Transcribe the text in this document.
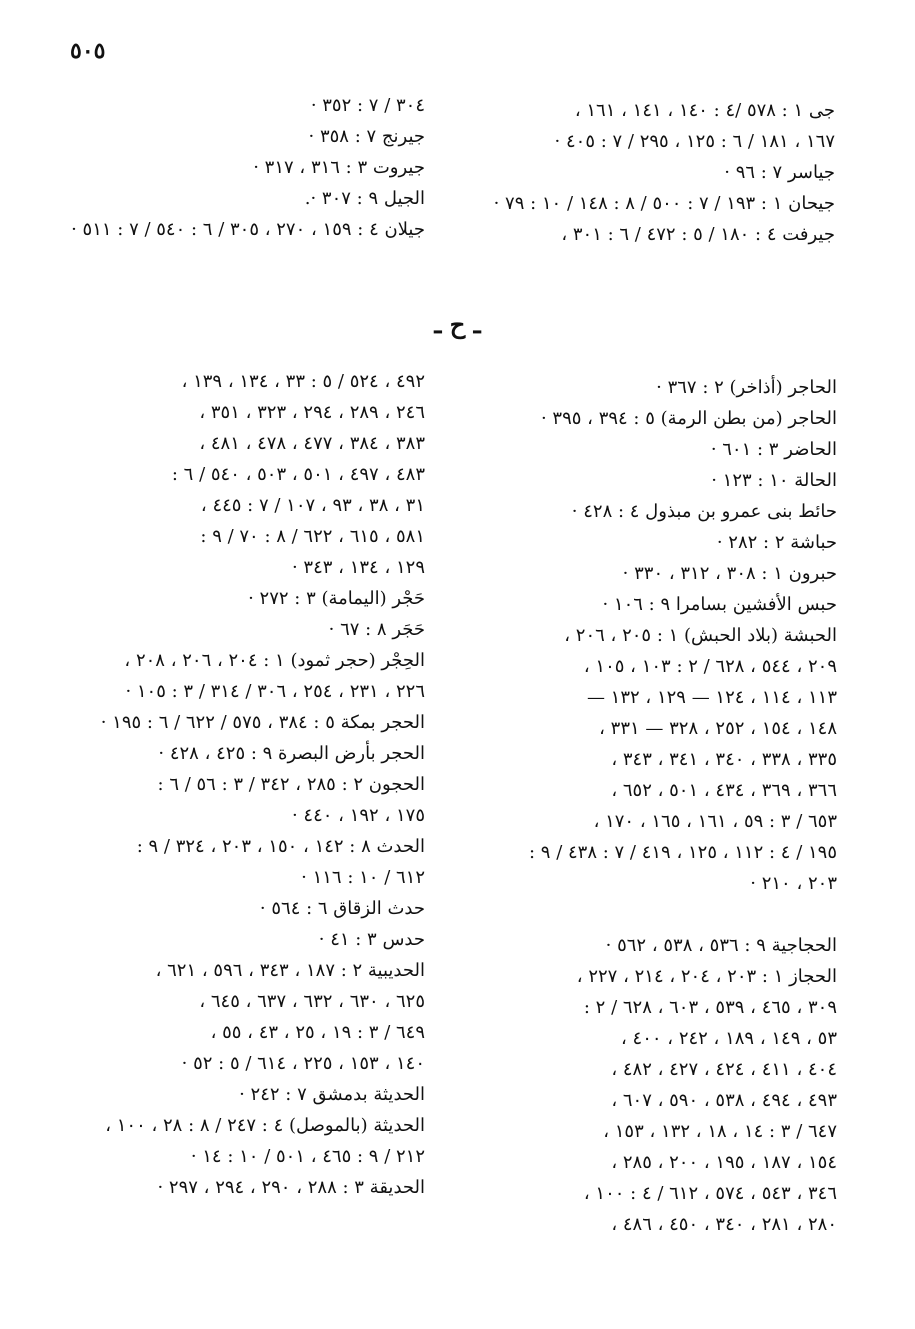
٥٠٥
جى ١ : ٥٧٨ /٤ : ١٤٠ ، ١٤١ ، ١٦١ ،
١٦٧ ، ١٨١ / ٦ : ١٢٥ ، ٢٩٥ / ٧ : ٤٠٥ ·
جياسر ٧ : ٩٦ ·
جيحان ١ : ١٩٣ / ٧ : ٥٠٠ / ٨ : ١٤٨ / ١٠ : ٧٩ ·
جيرفت ٤ : ١٨٠ / ٥ : ٤٧٢ / ٦ : ٣٠١ ،
٣٠٤ / ٧ : ٣٥٢ ·
جيرنج ٧ : ٣٥٨ ·
جيروت ٣ : ٣١٦ ، ٣١٧ ·
الجيل ٩ : ٣٠٧ ·.
جيلان ٤ : ١٥٩ ، ٢٧٠ ، ٣٠٥ / ٦ : ٥٤٠ / ٧ : ٥١١ ·
ـ ح ـ
الحاجر (أذاخر) ٢ : ٣٦٧ ·
الحاجر (من بطن الرمة) ٥ : ٣٩٤ ، ٣٩٥ ·
الحاضر ٣ : ٦٠١ ·
الحالة ١٠ : ١٢٣ ·
حائط بنى عمرو بن مبذول ٤ : ٤٢٨ ·
حباشة ٢ : ٢٨٢ ·
حبرون ١ : ٣٠٨ ، ٣١٢ ، ٣٣٠ ·
حبس الأفشين بسامرا ٩ : ١٠٦ ·
الحبشة (بلاد الحبش) ١ : ٢٠٥ ، ٢٠٦ ،
٢٠٩ ، ٥٤٤ ، ٦٢٨ / ٢ : ١٠٣ ، ١٠٥ ،
١١٣ ، ١١٤ ، ١٢٤ — ١٢٩ ، ١٣٢ —
١٤٨ ، ١٥٤ ، ٢٥٢ ، ٣٢٨ — ٣٣١ ،
٣٣٥ ، ٣٣٨ ، ٣٤٠ ، ٣٤١ ، ٣٤٣ ،
٣٦٦ ، ٣٦٩ ، ٤٣٤ ، ٥٠١ ، ٦٥٢ ،
٦٥٣ / ٣ : ٥٩ ، ١٦١ ، ١٦٥ ، ١٧٠ ،
١٩٥ / ٤ : ١١٢ ، ١٢٥ ، ٤١٩ / ٧ : ٤٣٨ / ٩ :
٢٠٣ ، ٢١٠ ·
الحجاجية ٩ : ٥٣٦ ، ٥٣٨ ، ٥٦٢ ·
الحجاز ١ : ٢٠٣ ، ٢٠٤ ، ٢١٤ ، ٢٢٧ ،
٣٠٩ ، ٤٦٥ ، ٥٣٩ ، ٦٠٣ ، ٦٢٨ / ٢ :
٥٣ ، ١٤٩ ، ١٨٩ ، ٢٤٢ ، ٤٠٠ ،
٤٠٤ ، ٤١١ ، ٤٢٤ ، ٤٢٧ ، ٤٨٢ ،
٤٩٣ ، ٤٩٤ ، ٥٣٨ ، ٥٩٠ ، ٦٠٧ ،
٦٤٧ / ٣ : ١٤ ، ١٨ ، ١٣٢ ، ١٥٣ ،
١٥٤ ، ١٨٧ ، ١٩٥ ، ٢٠٠ ، ٢٨٥ ،
٣٤٦ ، ٥٤٣ ، ٥٧٤ ، ٦١٢ / ٤ : ١٠٠ ،
٢٨٠ ، ٢٨١ ، ٣٤٠ ، ٤٥٠ ، ٤٨٦ ،
٤٩٢ ، ٥٢٤ / ٥ : ٣٣ ، ١٣٤ ، ١٣٩ ،
٢٤٦ ، ٢٨٩ ، ٢٩٤ ، ٣٢٣ ، ٣٥١ ،
٣٨٣ ، ٣٨٤ ، ٤٧٧ ، ٤٧٨ ، ٤٨١ ،
٤٨٣ ، ٤٩٧ ، ٥٠١ ، ٥٠٣ ، ٥٤٠ / ٦ :
٣١ ، ٣٨ ، ٩٣ ، ١٠٧ / ٧ : ٤٤٥ ،
٥٨١ ، ٦١٥ ، ٦٢٢ / ٨ : ٧٠ / ٩ :
١٢٩ ، ١٣٤ ، ٣٤٣ ·
حَجْر (اليمامة) ٣ : ٢٧٢ ·
حَجَر ٨ : ٦٧ ·
الحِجْر (حجر ثمود) ١ : ٢٠٤ ، ٢٠٦ ، ٢٠٨ ،
٢٢٦ ، ٢٣١ ، ٢٥٤ ، ٣٠٦ / ٣١٤ / ٣ : ١٠٥ ·
الحجر بمكة ٥ : ٣٨٤ ، ٥٧٥ / ٦٢٢ / ٦ : ١٩٥ ·
الحجر بأرض البصرة ٩ : ٤٢٥ ، ٤٢٨ ·
الحجون ٢ : ٢٨٥ ، ٣٤٢ / ٣ : ٥٦ / ٦ :
١٧٥ ، ١٩٢ ، ٤٤٠ ·
الحدث ٨ : ١٤٢ ، ١٥٠ ، ٢٠٣ ، ٣٢٤ / ٩ :
٦١٢ / ١٠ : ١١٦ ·
حدث الزقاق ٦ : ٥٦٤ ·
حدس ٣ : ٤١ ·
الحديبية ٢ : ١٨٧ ، ٣٤٣ ، ٥٩٦ ، ٦٢١ ،
٦٢٥ ، ٦٣٠ ، ٦٣٢ ، ٦٣٧ ، ٦٤٥ ،
٦٤٩ / ٣ : ١٩ ، ٢٥ ، ٤٣ ، ٥٥ ،
١٤٠ ، ١٥٣ ، ٢٢٥ ، ٦١٤ / ٥ : ٥٢ ·
الحديثة بدمشق ٧ : ٢٤٢ ·
الحديثة (بالموصل) ٤ : ٢٤٧ / ٨ : ٢٨ ، ١٠٠ ،
٢١٢ / ٩ : ٤٦٥ ، ٥٠١ / ١٠ : ١٤ ·
الحديقة ٣ : ٢٨٨ ، ٢٩٠ ، ٢٩٤ ، ٢٩٧ ·
